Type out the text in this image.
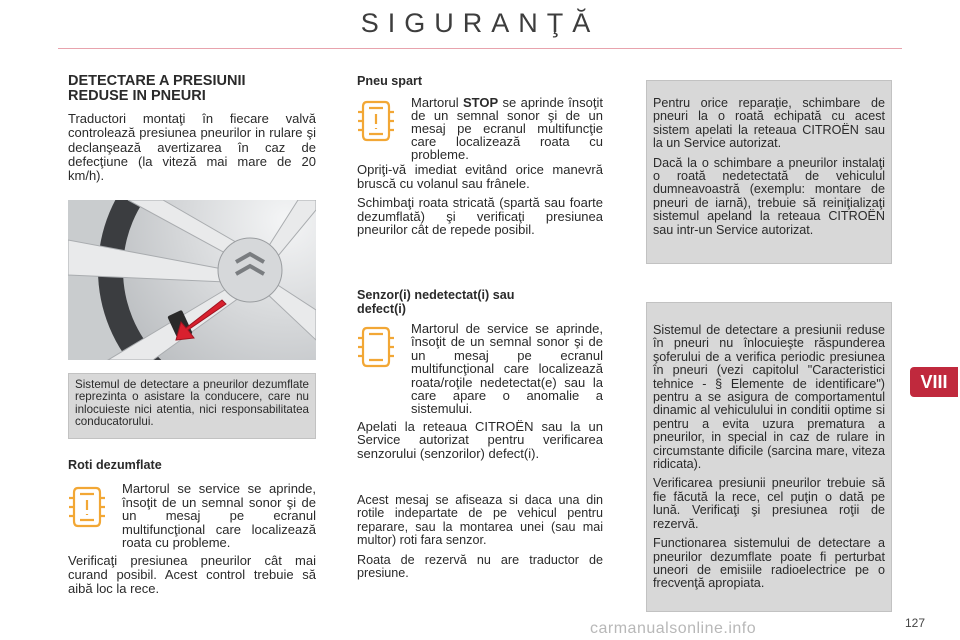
SIGURANŢĂ
DETECTARE A PRESIUNII REDUSE IN PNEURI

Traductori montaţi în fiecare valvă controlează presiunea pneurilor in rulare şi declanşează avertizarea în caz de defecţiune (la viteză mai mare de 20 km/h).

Sistemul de detectare a pneurilor dezumflate reprezinta o asistare la conducere, care nu inlocuieste nici atentia, nici responsabilitatea conducatorului.

Roti dezumflate

Martorul se service se aprinde, însoţit de un semnal sonor şi de un mesaj pe ecranul multifuncţional care localizează roata cu probleme.

Verificaţi presiunea pneurilor cât mai curand posibil. Acest control trebuie să aibă loc la rece.

Pneu spart

Martorul STOP se aprinde însoţit de un semnal sonor şi de un mesaj pe ecranul multifuncţie care localizează roata cu probleme.

Opriţi-vă imediat evitând orice manevră bruscă cu volanul sau frânele.

Schimbaţi roata stricată (spartă sau foarte dezumflată) şi verificaţi presiunea pneurilor cât de repede posibil.

Senzor(i) nedetectat(i) sau defect(i)

Martorul de service se aprinde, însoţit de un semnal sonor şi de un mesaj pe ecranul multifuncţional care localizează roata/roţile nedetectat(e) sau la care apare o anomalie a sistemului.

Apelati la reteaua CITROËN sau la un Service autorizat pentru verificarea senzorului (senzorilor) defect(i).

Acest mesaj se afiseaza si daca una din rotile indepartate de pe vehicul pentru reparare, sau la montarea unei (sau mai multor) roti fara senzor.

Roata de rezervă nu are traductor de presiune.

Pentru orice reparaţie, schimbare de pneuri la o roată echipată cu acest sistem apelati la reteaua CITROËN sau la un Service autorizat.

Dacă la o schimbare a pneurilor instalaţi o roată nedetectată de vehiculul dumneavoastră (exemplu: montare de pneuri de iarnă), trebuie să reiniţializaţi sistemul apeland la reteaua CITROËN sau intr-un Service autorizat.

Sistemul de detectare a presiunii reduse în pneuri nu înlocuieşte răspunderea şoferului de a verifica periodic presiunea în pneuri (vezi capitolul "Caracteristici tehnice - § Elemente de identificare") pentru a se asigura de comportamentul dinamic al vehiculului in conditii optime si pentru a evita uzura prematura a pneurilor, in special in caz de rulare in circumstante dificile (sarcina mare, viteza ridicata).

Verificarea presiunii pneurilor trebuie să fie făcută la rece, cel puţin o dată pe lună. Verificaţi şi presiunea roţii de rezervă.

Functionarea sistemului de detectare a pneurilor dezumflate poate fi perturbat uneori de emisiile radioelectrice pe o frecvenţă apropiata.

VIII
127
carmanualsonline.info
